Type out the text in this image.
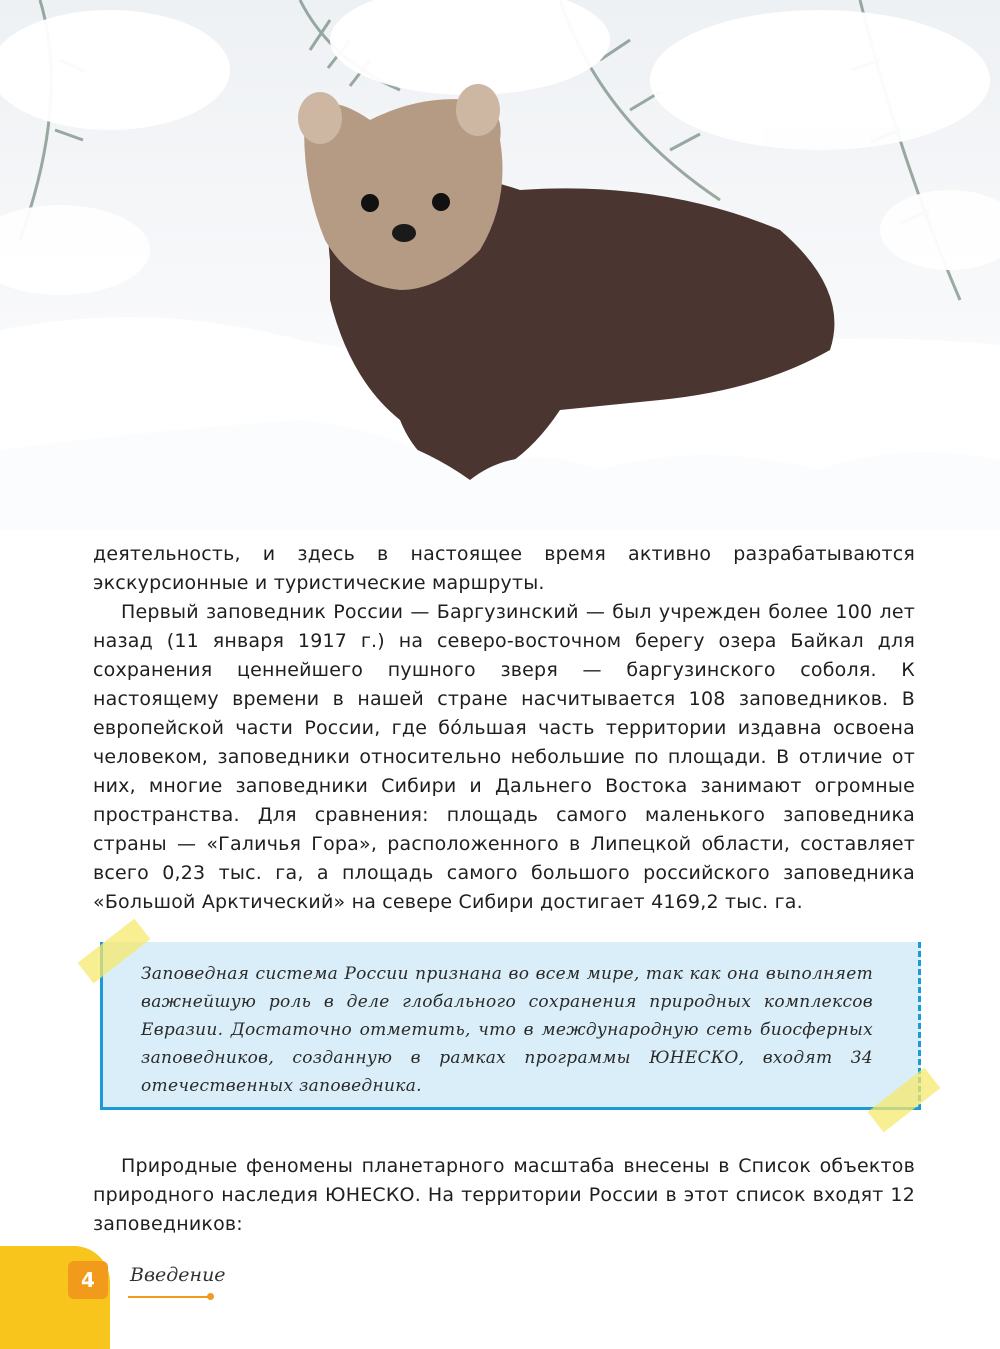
деятельность, и здесь в настоящее время активно разрабатываются экскурсионные и туристические маршруты.

Первый заповедник России — Баргузинский — был учрежден более 100 лет назад (11 января 1917 г.) на северо-восточном берегу озера Байкал для сохранения ценнейшего пушного зверя — баргузинского соболя. К настоящему времени в нашей стране насчитывается 108 заповедников. В европейской части России, где бóльшая часть территории издавна освоена человеком, заповедники относительно небольшие по площади. В отличие от них, многие заповедники Сибири и Дальнего Востока занимают огромные пространства. Для сравнения: площадь самого маленького заповедника страны — «Галичья Гора», расположенного в Липецкой области, составляет всего 0,23 тыс. га, а площадь самого большого российского заповедника «Большой Арктический» на севере Сибири достигает 4169,2 тыс. га.

Заповедная система России признана во всем мире, так как она выполняет важнейшую роль в деле глобального сохранения природных комплексов Евразии. Достаточно отметить, что в международную сеть биосферных заповедников, созданную в рамках программы ЮНЕСКО, входят 34 отечественных заповедника.
Природные феномены планетарного масштаба внесены в Список объектов природного наследия ЮНЕСКО. На территории России в этот список входят 12 заповедников:
4	Введение
